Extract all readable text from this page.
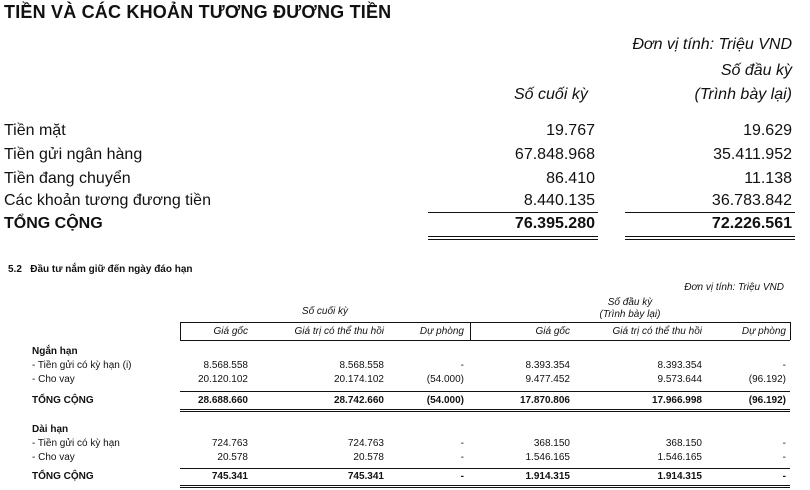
TIỀN VÀ CÁC KHOẢN TƯƠNG ĐƯƠNG TIỀN
Đơn vị tính: Triệu VND
Số đầu kỳ
Số cuối kỳ	(Trình bày lại)
Tiền mặt	19.767	19.629
Tiền gửi ngân hàng	67.848.968	35.411.952
Tiền đang chuyển	86.410	11.138
Các khoản tương đương tiền	8.440.135	36.783.842
TỔNG CỘNG	76.395.280	72.226.561
5.2 Đầu tư nắm giữ đến ngày đáo hạn
Đơn vị tính: Triệu VND
Số cuối kỳ
Số đầu kỳ
(Trình bày lại)
Giá gốc	Giá trị có thể thu hồi	Dự phòng	Giá gốc	Giá trị có thể thu hồi	Dự phòng
Ngắn hạn
- Tiền gửi có kỳ hạn (i)	8.568.558	8.568.558	-	8.393.354	8.393.354	-
- Cho vay	20.120.102	20.174.102	(54.000)	9.477.452	9.573.644	(96.192)
TỔNG CỘNG	28.688.660	28.742.660	(54.000)	17.870.806	17.966.998	(96.192)
Dài hạn
- Tiền gửi có kỳ hạn	724.763	724.763	-	368.150	368.150	-
- Cho vay	20.578	20.578	-	1.546.165	1.546.165	-
TỔNG CỘNG	745.341	745.341	-	1.914.315	1.914.315	-
